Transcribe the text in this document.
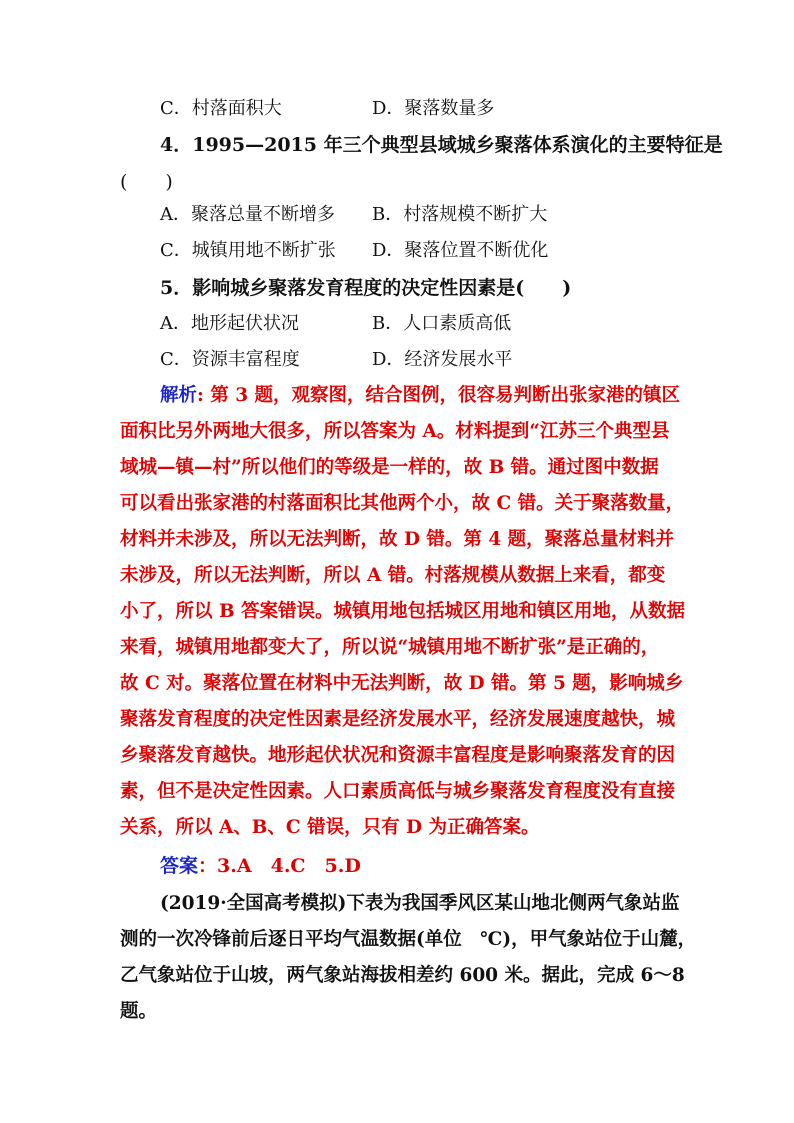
C．村落面积大	D．聚落数量多
4．1995—2015 年三个典型县域城乡聚落体系演化的主要特征是
(　　)
A．聚落总量不断增多 B．村落规模不断扩大
C．城镇用地不断扩张 D．聚落位置不断优化
5．影响城乡聚落发育程度的决定性因素是(　　)
A．地形起伏状况	B．人口素质高低
C．资源丰富程度	D．经济发展水平
解析: 第 3 题，观察图，结合图例，很容易判断出张家港的镇区
面积比另外两地大很多，所以答案为 A。材料提到“江苏三个典型县
域城—镇—村”所以他们的等级是一样的，故 B 错。通过图中数据
可以看出张家港的村落面积比其他两个小，故 C 错。关于聚落数量，
材料并未涉及，所以无法判断，故 D 错。第 4 题，聚落总量材料并
未涉及，所以无法判断，所以 A 错。村落规模从数据上来看，都变
小了，所以 B 答案错误。城镇用地包括城区用地和镇区用地，从数据
来看，城镇用地都变大了，所以说“城镇用地不断扩张”是正确的，
故 C 对。聚落位置在材料中无法判断，故 D 错。第 5 题，影响城乡
聚落发育程度的决定性因素是经济发展水平，经济发展速度越快，城
乡聚落发育越快。地形起伏状况和资源丰富程度是影响聚落发育的因
素，但不是决定性因素。人口素质高低与城乡聚落发育程度没有直接
关系，所以 A、B、C 错误，只有 D 为正确答案。
答案：3.A　4.C　5.D
(2019·全国高考模拟)下表为我国季风区某山地北侧两气象站监
测的一次冷锋前后逐日平均气温数据(单位　℃)，甲气象站位于山麓，
乙气象站位于山坡，两气象站海拔相差约 600 米。据此，完成 6～8
题。
